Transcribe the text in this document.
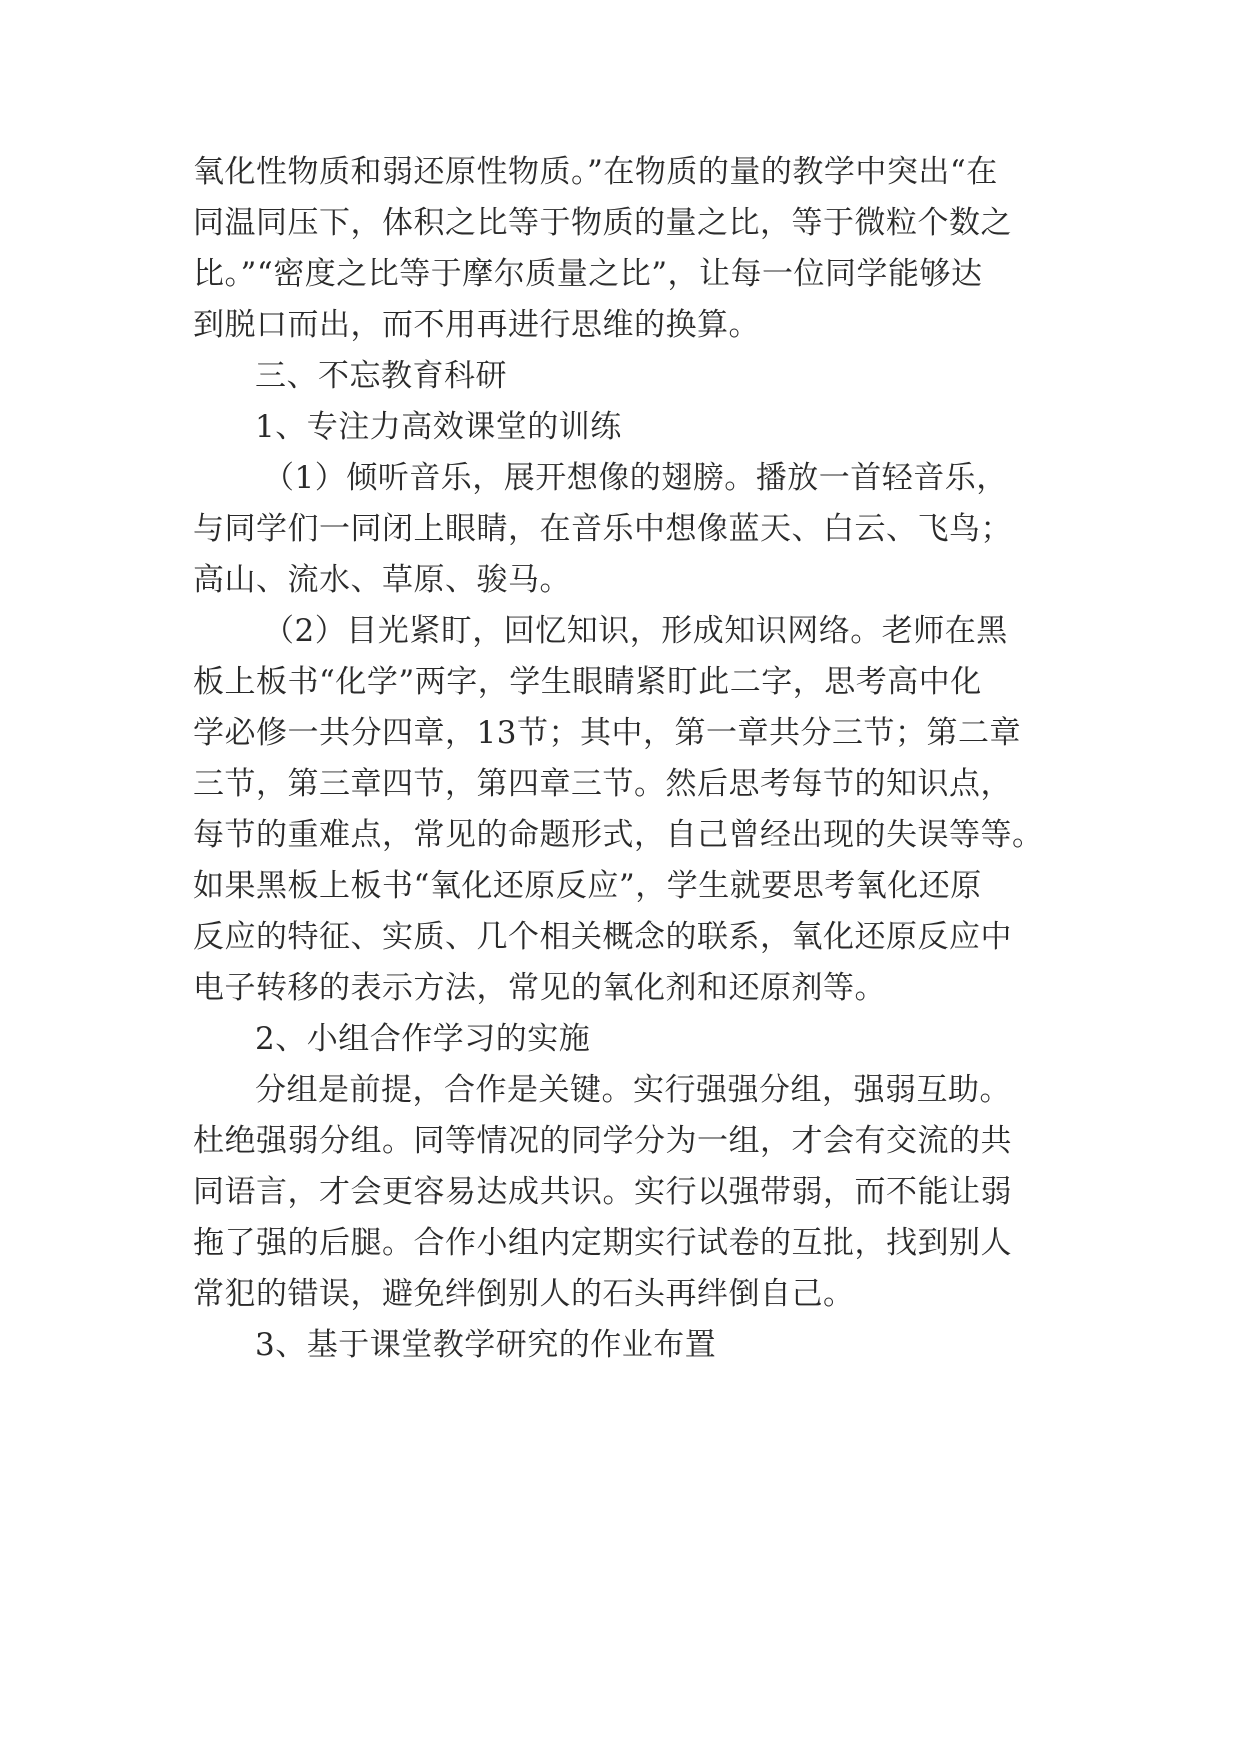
氧化性物质和弱还原性物质。”在物质的量的教学中突出“在
同温同压下，体积之比等于物质的量之比，等于微粒个数之
比。”“密度之比等于摩尔质量之比”，让每一位同学能够达
到脱口而出，而不用再进行思维的换算。
三、不忘教育科研
1、专注力高效课堂的训练
（1）倾听音乐，展开想像的翅膀。播放一首轻音乐，
与同学们一同闭上眼睛，在音乐中想像蓝天、白云、飞鸟；
高山、流水、草原、骏马。
（2）目光紧盯，回忆知识，形成知识网络。老师在黑
板上板书“化学”两字，学生眼睛紧盯此二字，思考高中化
学必修一共分四章，13节；其中，第一章共分三节；第二章
三节，第三章四节，第四章三节。然后思考每节的知识点，
每节的重难点，常见的命题形式，自己曾经出现的失误等等。
如果黑板上板书“氧化还原反应”，学生就要思考氧化还原
反应的特征、实质、几个相关概念的联系，氧化还原反应中
电子转移的表示方法，常见的氧化剂和还原剂等。
2、小组合作学习的实施
分组是前提，合作是关键。实行强强分组，强弱互助。
杜绝强弱分组。同等情况的同学分为一组，才会有交流的共
同语言，才会更容易达成共识。实行以强带弱，而不能让弱
拖了强的后腿。合作小组内定期实行试卷的互批，找到别人
常犯的错误，避免绊倒别人的石头再绊倒自己。
3、基于课堂教学研究的作业布置
